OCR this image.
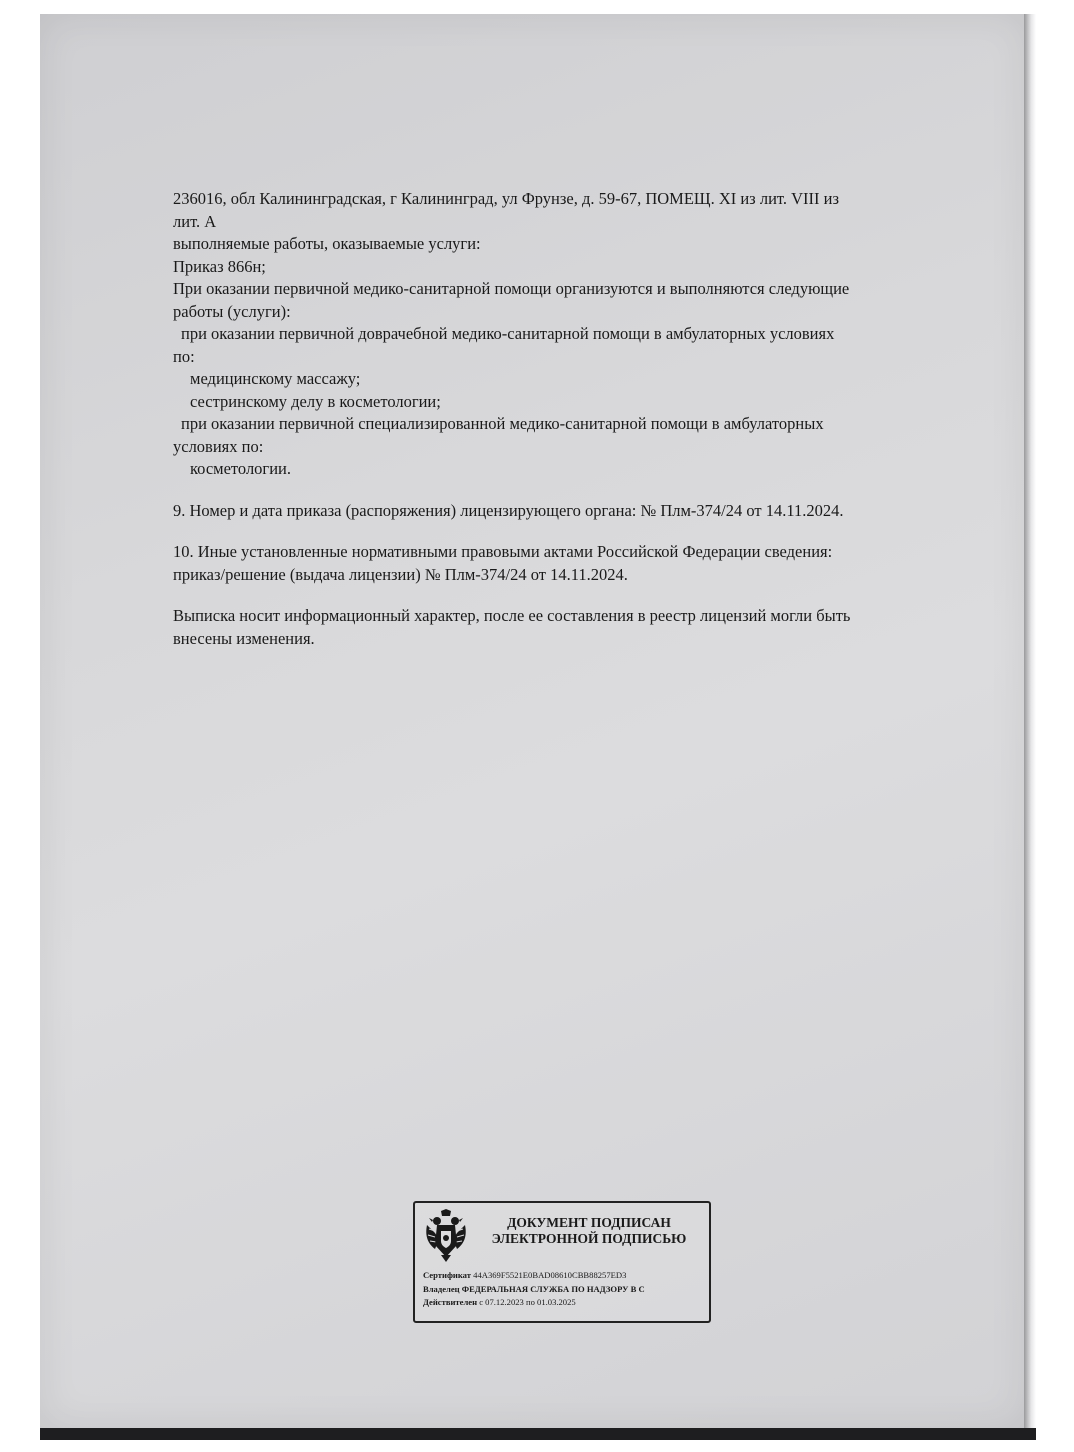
236016, обл Калининградская, г Калининград, ул Фрунзе, д. 59-67, ПОМЕЩ. XI из лит. VIII из

лит. А

выполняемые работы, оказываемые услуги:

Приказ 866н;

При оказании первичной медико-санитарной помощи организуются и выполняются следующие

работы (услуги):

при оказании первичной доврачебной медико-санитарной помощи в амбулаторных условиях

по:

медицинскому массажу;

сестринскому делу в косметологии;

при оказании первичной специализированной медико-санитарной помощи в амбулаторных

условиях по:

косметологии.

9. Номер и дата приказа (распоряжения) лицензирующего органа: № Плм-374/24 от 14.11.2024.

10. Иные установленные нормативными правовыми актами Российской Федерации сведения:

приказ/решение (выдача лицензии) № Плм-374/24 от 14.11.2024.

Выписка носит информационный характер, после ее составления в реестр лицензий могли быть

внесены изменения.

ДОКУМЕНТ ПОДПИСАН
ЭЛЕКТРОННОЙ ПОДПИСЬЮ
Сертификат 44A369F5521E0BAD08610CBB88257ED3
Владелец ФЕДЕРАЛЬНАЯ СЛУЖБА ПО НАДЗОРУ В С
Действителен с 07.12.2023 по 01.03.2025
